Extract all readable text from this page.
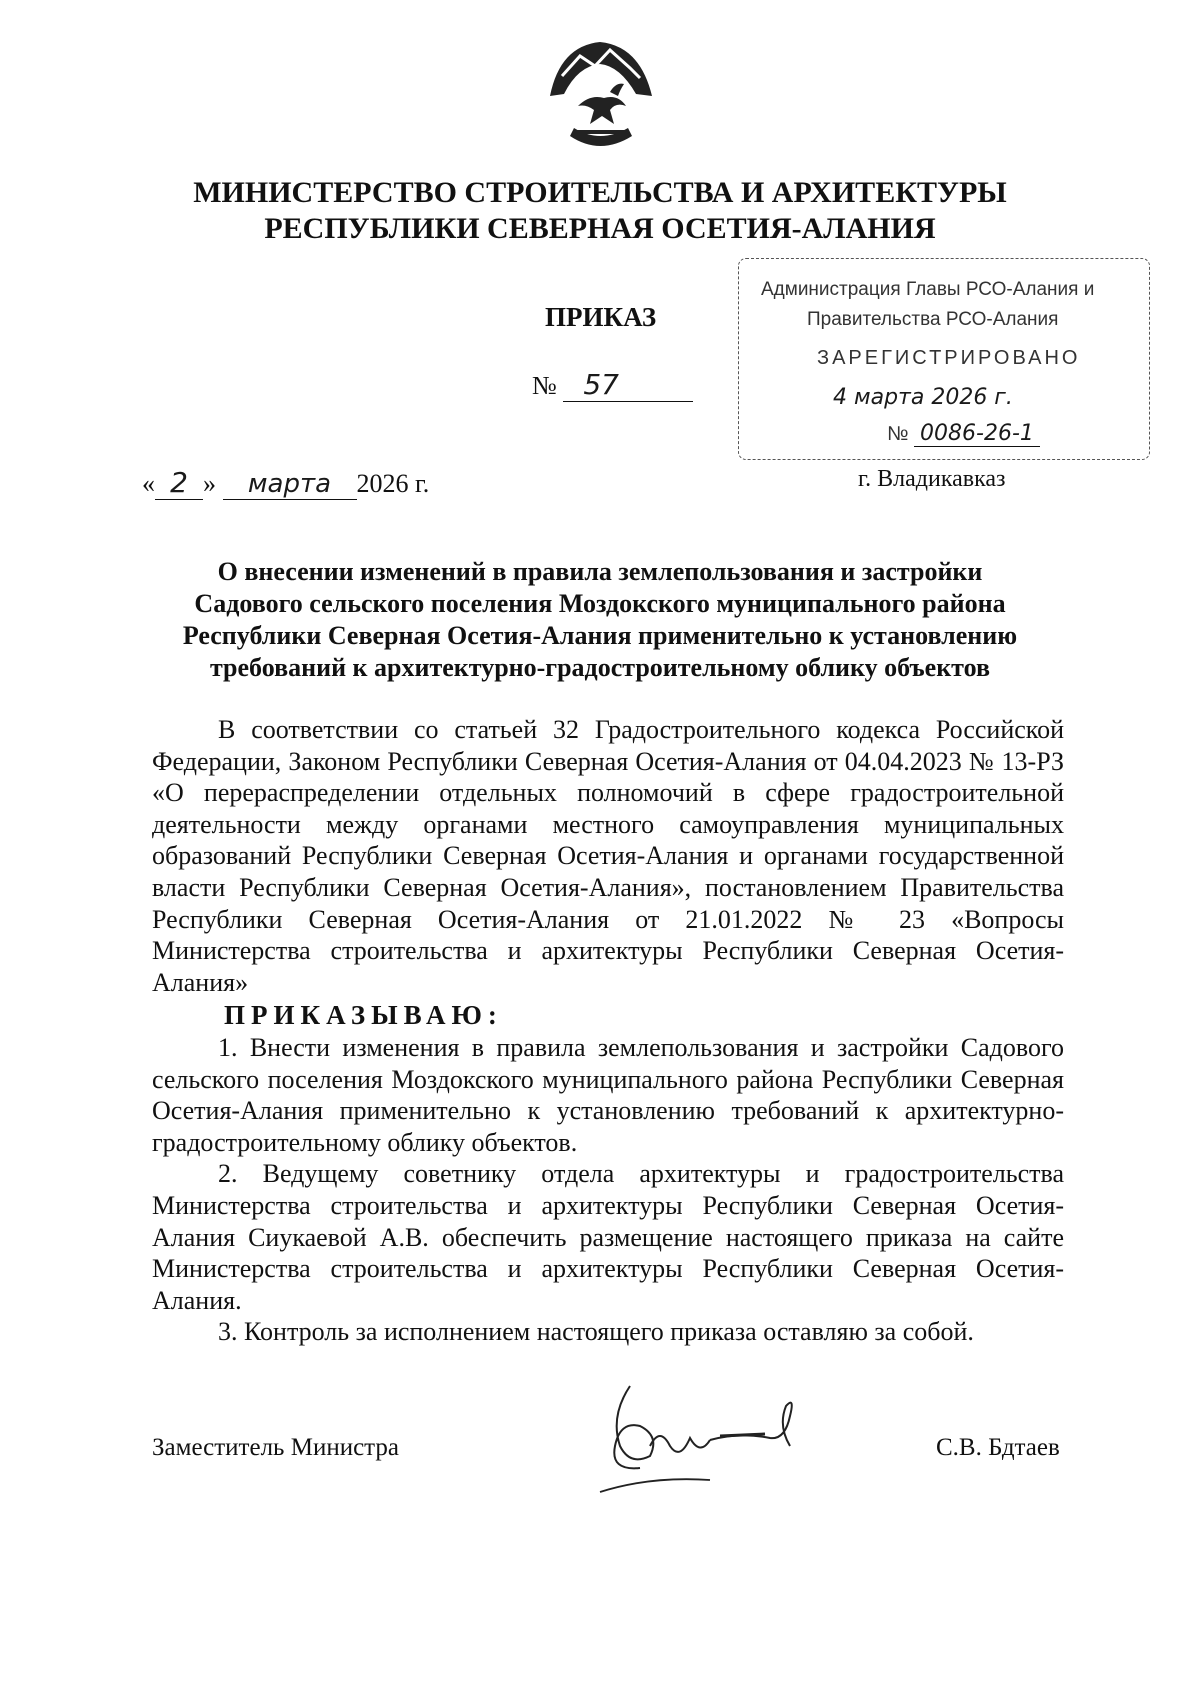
МИНИСТЕРСТВО СТРОИТЕЛЬСТВА И АРХИТЕКТУРЫ
РЕСПУБЛИКИ СЕВЕРНАЯ ОСЕТИЯ-АЛАНИЯ
ПРИКАЗ
№ 57
Администрация Главы РСО-Алания и
Правительства РСО-Алания
ЗАРЕГИСТРИРОВАНО
4 марта 2026 г.
№ 0086-26-1
« 2 » марта 2026 г.	г. Владикавказ
О внесении изменений в правила землепользования и застройки
Садового сельского поселения Моздокского муниципального района
Республики Северная Осетия-Алания применительно к установлению
требований к архитектурно-градостроительному облику объектов

В соответствии со статьей 32 Градостроительного кодекса Российской Федерации, Законом Республики Северная Осетия-Алания от 04.04.2023 № 13-РЗ «О перераспределении отдельных полномочий в сфере градостроительной деятельности между органами местного самоуправления муниципальных образований Республики Северная Осетия-Алания и органами государственной власти Республики Северная Осетия-Алания», постановлением Правительства Республики Северная Осетия-Алания от 21.01.2022 № 23 «Вопросы Министерства строительства и архитектуры Республики Северная Осетия-Алания»

ПРИКАЗЫВАЮ:

1. Внести изменения в правила землепользования и застройки Садового сельского поселения Моздокского муниципального района Республики Северная Осетия-Алания применительно к установлению требований к архитектурно-градостроительному облику объектов.

2. Ведущему советнику отдела архитектуры и градостроительства Министерства строительства и архитектуры Республики Северная Осетия-Алания Сиукаевой А.В. обеспечить размещение настоящего приказа на сайте Министерства строительства и архитектуры Республики Северная Осетия-Алания.

3. Контроль за исполнением настоящего приказа оставляю за собой.

Заместитель Министра	С.В. Бдтаев
